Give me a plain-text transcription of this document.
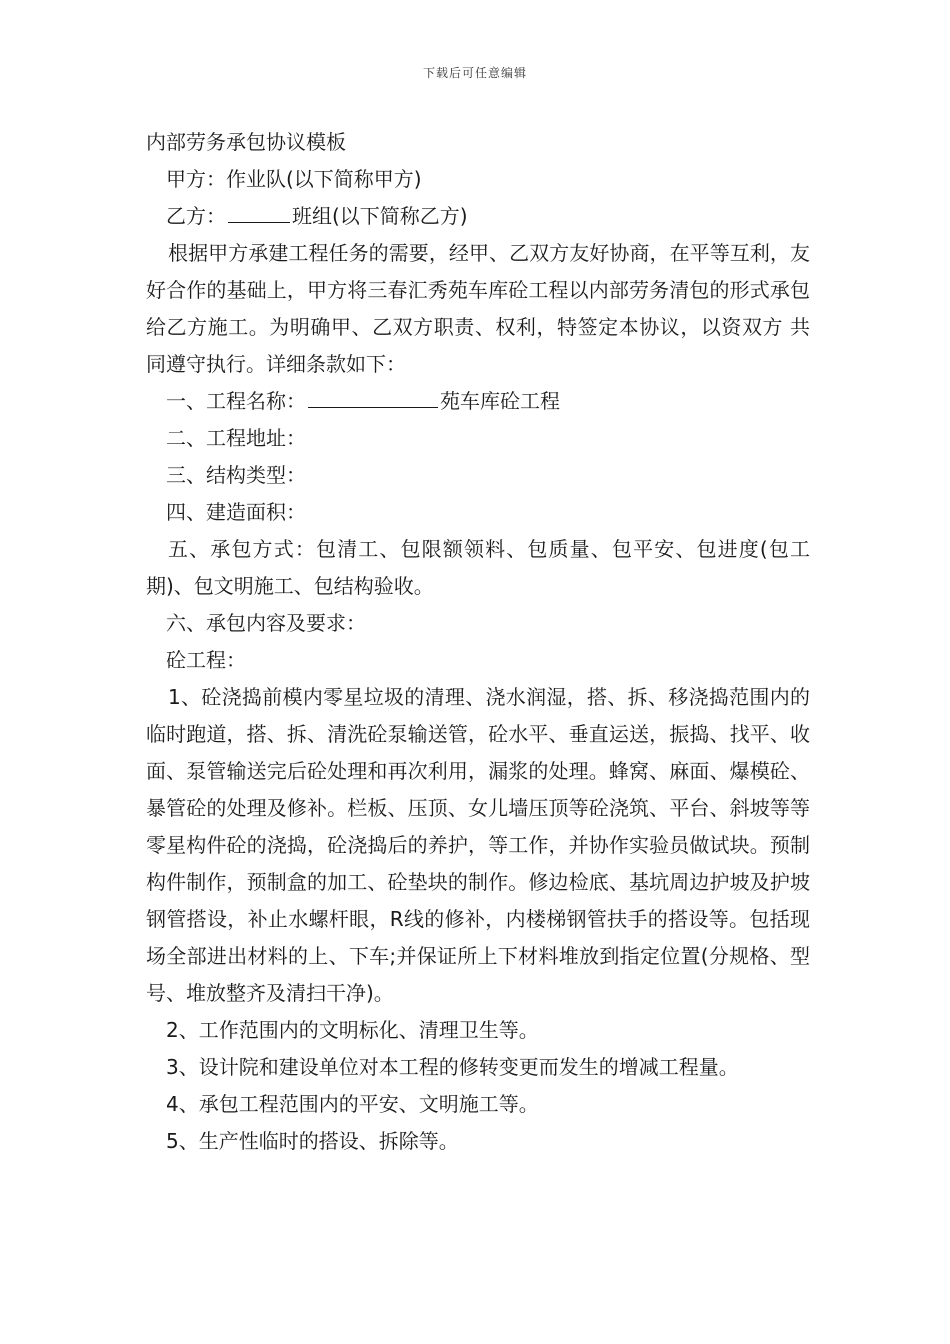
下载后可任意编辑

内部劳务承包协议模板

甲方：作业队(以下简称甲方)

乙方：	班组(以下简称乙方)

根据甲方承建工程任务的需要，经甲、乙双方友好协商，在平等互利，友好合作的基础上，甲方将三春汇秀苑车库砼工程以内部劳务清包的形式承包给乙方施工。为明确甲、乙双方职责、权利，特签定本协议，以资双方 共同遵守执行。详细条款如下：

一、工程名称：	苑车库砼工程

二、工程地址：

三、结构类型：

四、建造面积：

五、承包方式：包清工、包限额领料、包质量、包平安、包进度(包工期)、包文明施工、包结构验收。

六、承包内容及要求：

砼工程：

1、砼浇捣前模内零星垃圾的清理、浇水润湿，搭、拆、移浇捣范围内的临时跑道，搭、拆、清洗砼泵输送管，砼水平、垂直运送，振捣、找平、收面、泵管输送完后砼处理和再次利用，漏浆的处理。蜂窝、麻面、爆模砼、暴管砼的处理及修补。栏板、压顶、女儿墙压顶等砼浇筑、平台、斜坡等等零星构件砼的浇捣，砼浇捣后的养护，等工作，并协作实验员做试块。预制构件制作，预制盒的加工、砼垫块的制作。修边检底、基坑周边护坡及护坡钢管搭设，补止水螺杆眼，R线的修补，内楼梯钢管扶手的搭设等。包括现场全部进出材料的上、下车;并保证所上下材料堆放到指定位置(分规格、型号、堆放整齐及清扫干净)。

2、工作范围内的文明标化、清理卫生等。

3、设计院和建设单位对本工程的修转变更而发生的增减工程量。

4、承包工程范围内的平安、文明施工等。

5、生产性临时的搭设、拆除等。
